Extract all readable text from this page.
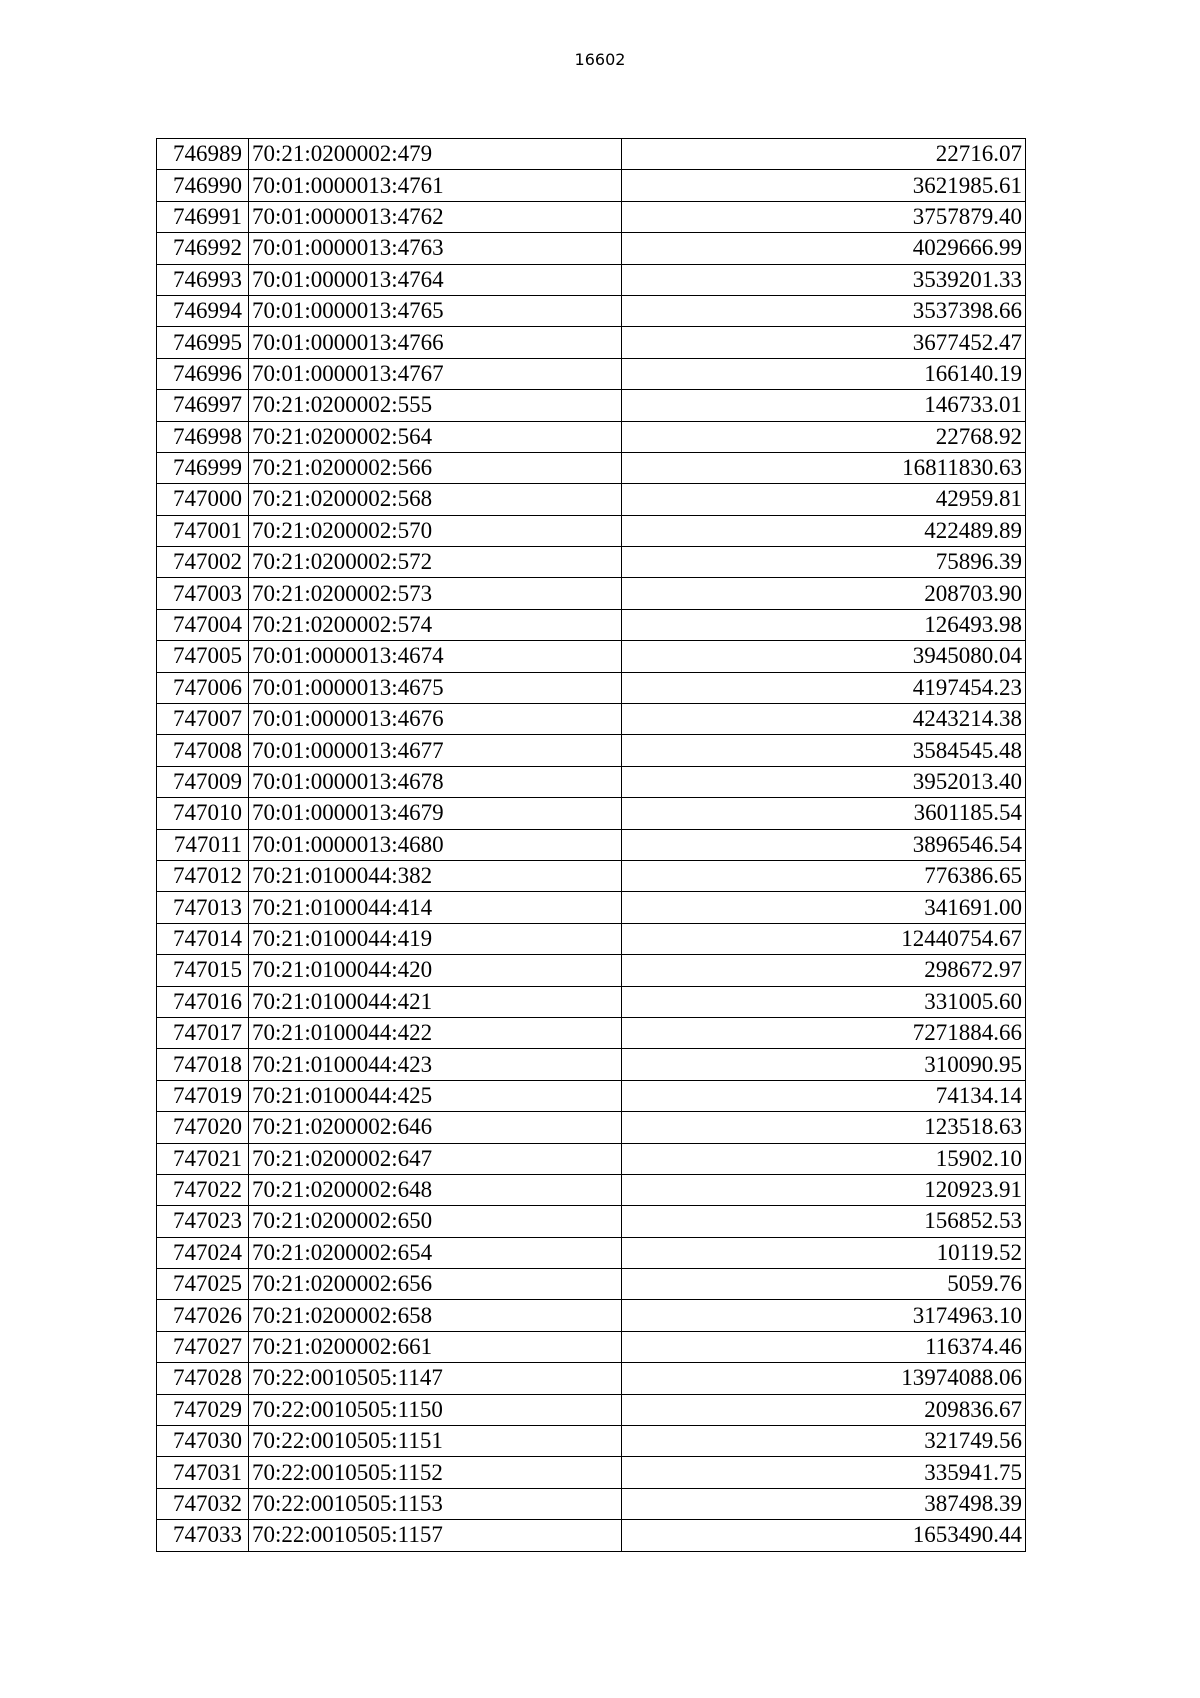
16602
746989	70:21:0200002:479	22716.07
746990	70:01:0000013:4761	3621985.61
746991	70:01:0000013:4762	3757879.40
746992	70:01:0000013:4763	4029666.99
746993	70:01:0000013:4764	3539201.33
746994	70:01:0000013:4765	3537398.66
746995	70:01:0000013:4766	3677452.47
746996	70:01:0000013:4767	166140.19
746997	70:21:0200002:555	146733.01
746998	70:21:0200002:564	22768.92
746999	70:21:0200002:566	16811830.63
747000	70:21:0200002:568	42959.81
747001	70:21:0200002:570	422489.89
747002	70:21:0200002:572	75896.39
747003	70:21:0200002:573	208703.90
747004	70:21:0200002:574	126493.98
747005	70:01:0000013:4674	3945080.04
747006	70:01:0000013:4675	4197454.23
747007	70:01:0000013:4676	4243214.38
747008	70:01:0000013:4677	3584545.48
747009	70:01:0000013:4678	3952013.40
747010	70:01:0000013:4679	3601185.54
747011	70:01:0000013:4680	3896546.54
747012	70:21:0100044:382	776386.65
747013	70:21:0100044:414	341691.00
747014	70:21:0100044:419	12440754.67
747015	70:21:0100044:420	298672.97
747016	70:21:0100044:421	331005.60
747017	70:21:0100044:422	7271884.66
747018	70:21:0100044:423	310090.95
747019	70:21:0100044:425	74134.14
747020	70:21:0200002:646	123518.63
747021	70:21:0200002:647	15902.10
747022	70:21:0200002:648	120923.91
747023	70:21:0200002:650	156852.53
747024	70:21:0200002:654	10119.52
747025	70:21:0200002:656	5059.76
747026	70:21:0200002:658	3174963.10
747027	70:21:0200002:661	116374.46
747028	70:22:0010505:1147	13974088.06
747029	70:22:0010505:1150	209836.67
747030	70:22:0010505:1151	321749.56
747031	70:22:0010505:1152	335941.75
747032	70:22:0010505:1153	387498.39
747033	70:22:0010505:1157	1653490.44
